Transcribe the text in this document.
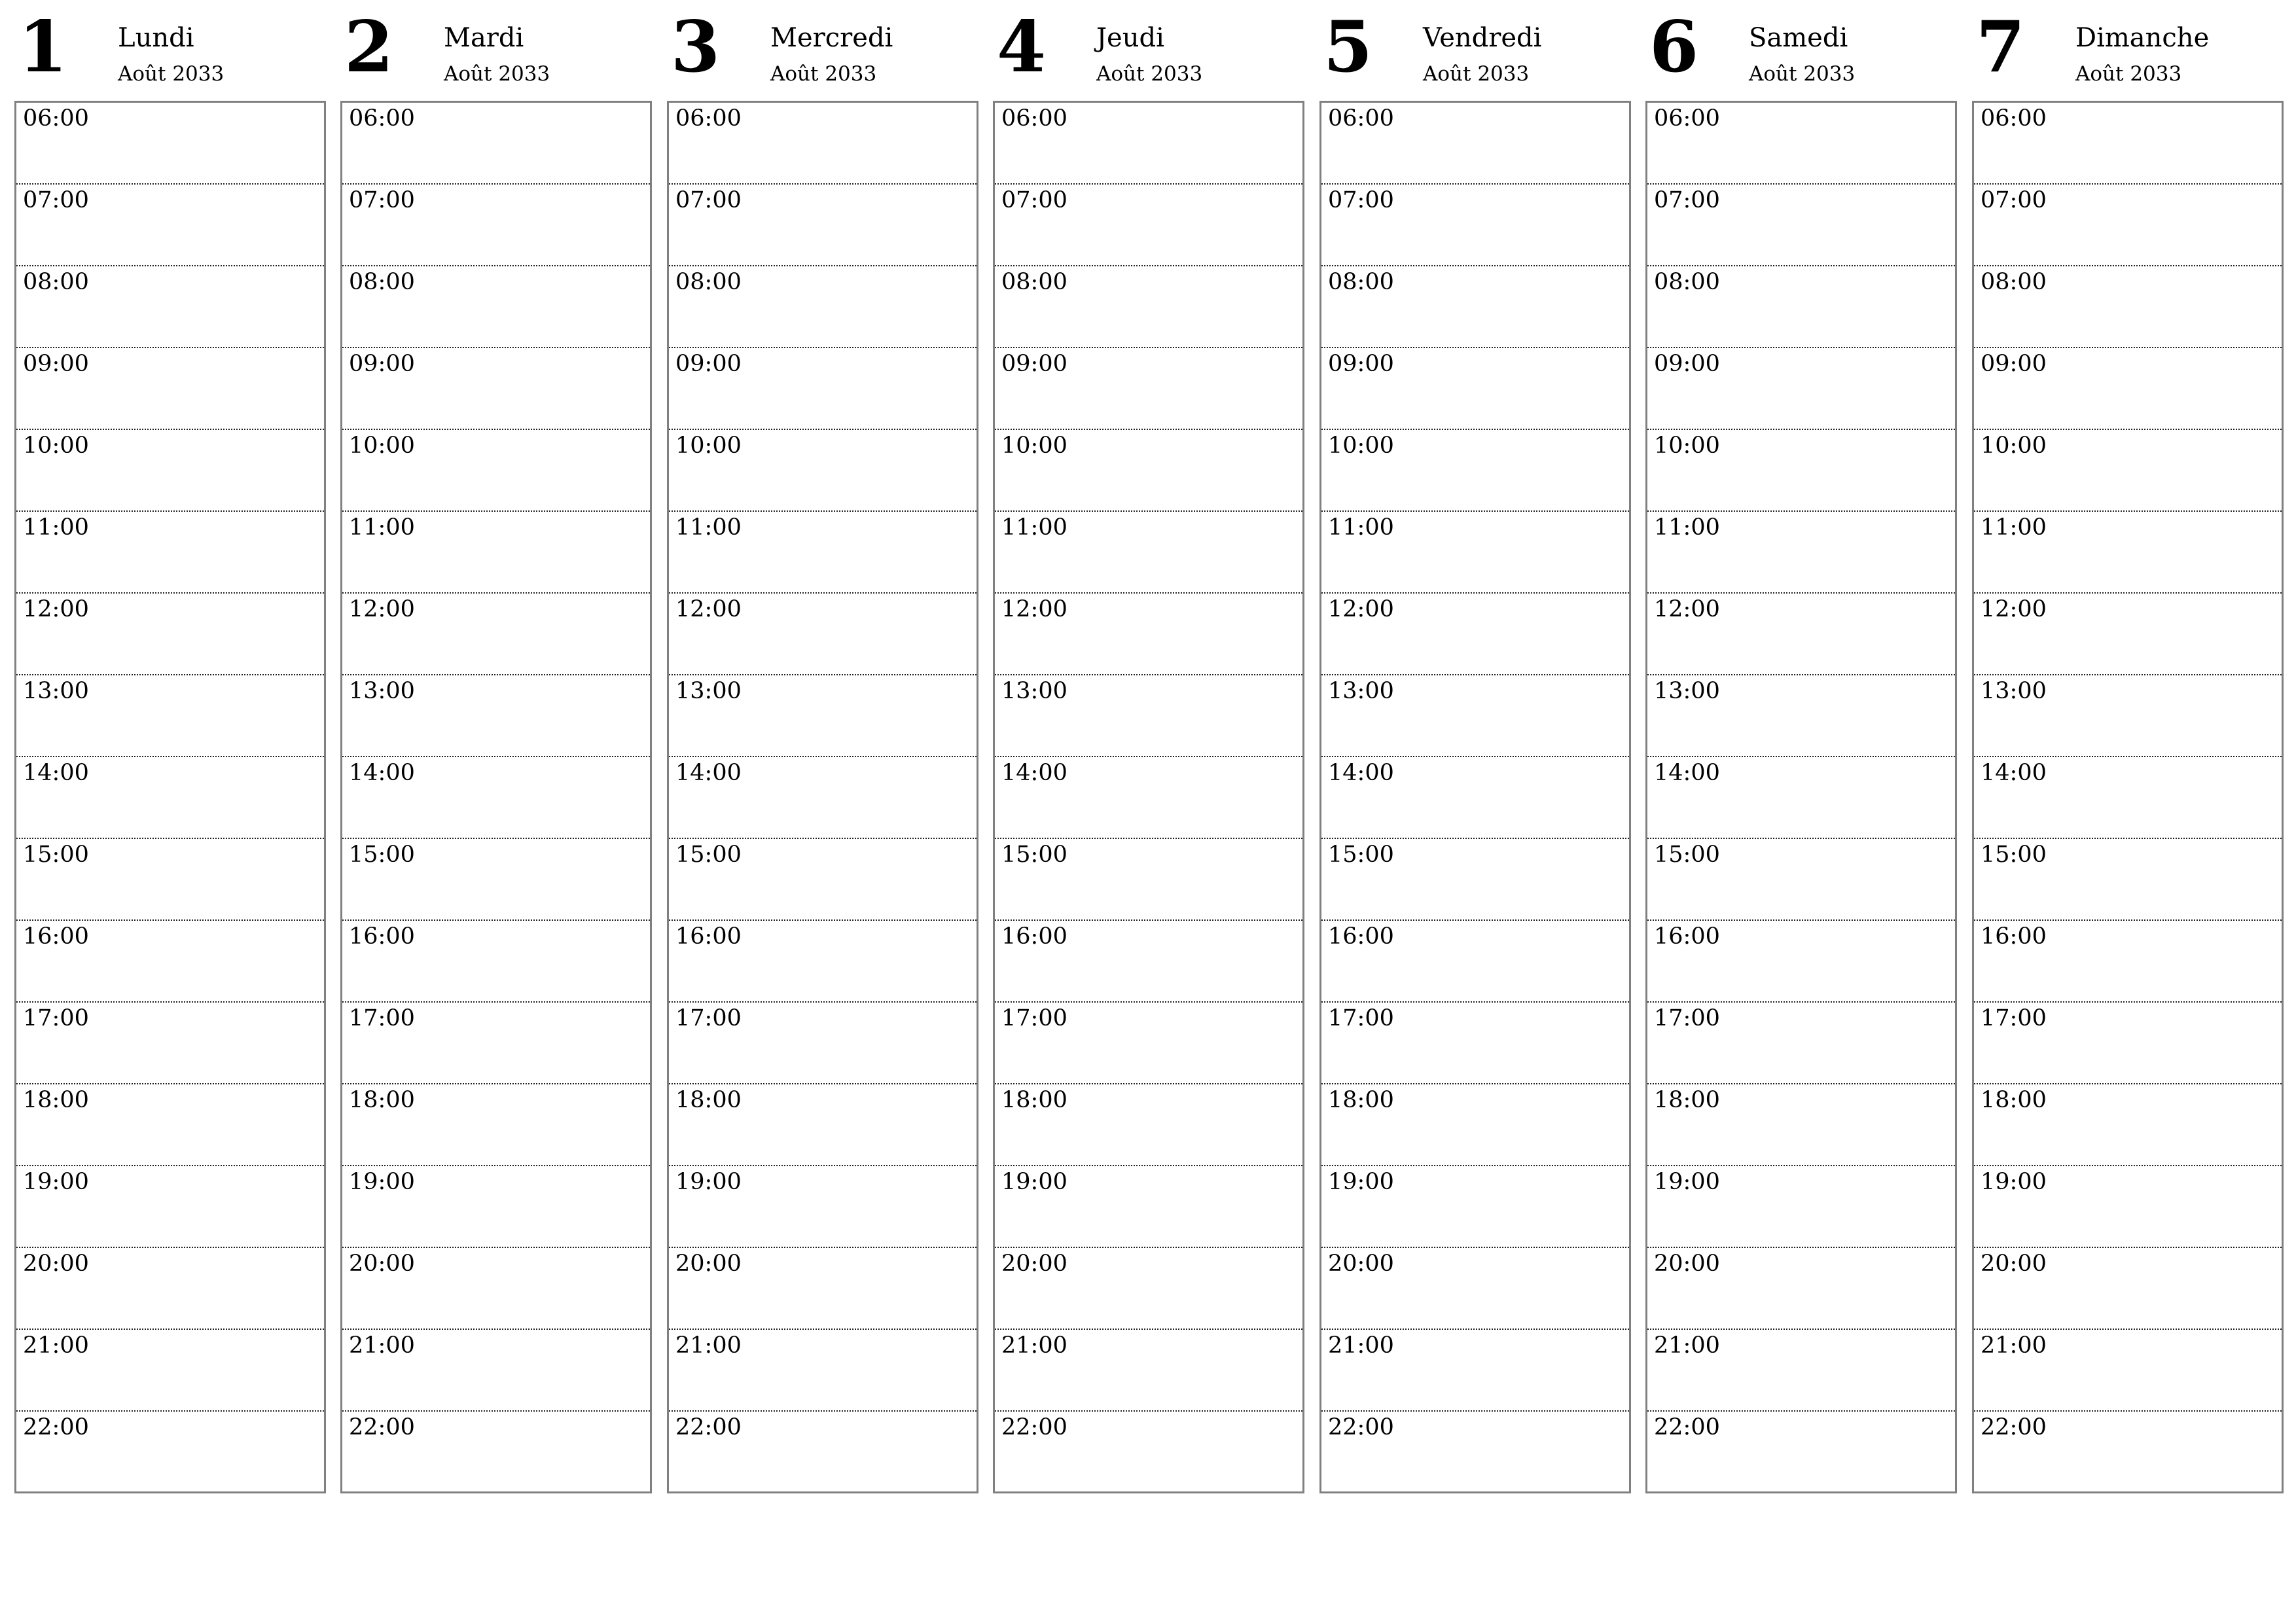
1 Lundi
Août 2033
06:00
07:00
08:00
09:00
10:00
11:00
12:00
13:00
14:00
15:00
16:00
17:00
18:00
19:00
20:00
21:00
22:00
2 Mardi
Août 2033
06:00
07:00
08:00
09:00
10:00
11:00
12:00
13:00
14:00
15:00
16:00
17:00
18:00
19:00
20:00
21:00
22:00
3 Mercredi
Août 2033
06:00
07:00
08:00
09:00
10:00
11:00
12:00
13:00
14:00
15:00
16:00
17:00
18:00
19:00
20:00
21:00
22:00
4 Jeudi
Août 2033
06:00
07:00
08:00
09:00
10:00
11:00
12:00
13:00
14:00
15:00
16:00
17:00
18:00
19:00
20:00
21:00
22:00
5 Vendredi
Août 2033
06:00
07:00
08:00
09:00
10:00
11:00
12:00
13:00
14:00
15:00
16:00
17:00
18:00
19:00
20:00
21:00
22:00
6 Samedi
Août 2033
06:00
07:00
08:00
09:00
10:00
11:00
12:00
13:00
14:00
15:00
16:00
17:00
18:00
19:00
20:00
21:00
22:00
7 Dimanche
Août 2033
06:00
07:00
08:00
09:00
10:00
11:00
12:00
13:00
14:00
15:00
16:00
17:00
18:00
19:00
20:00
21:00
22:00
